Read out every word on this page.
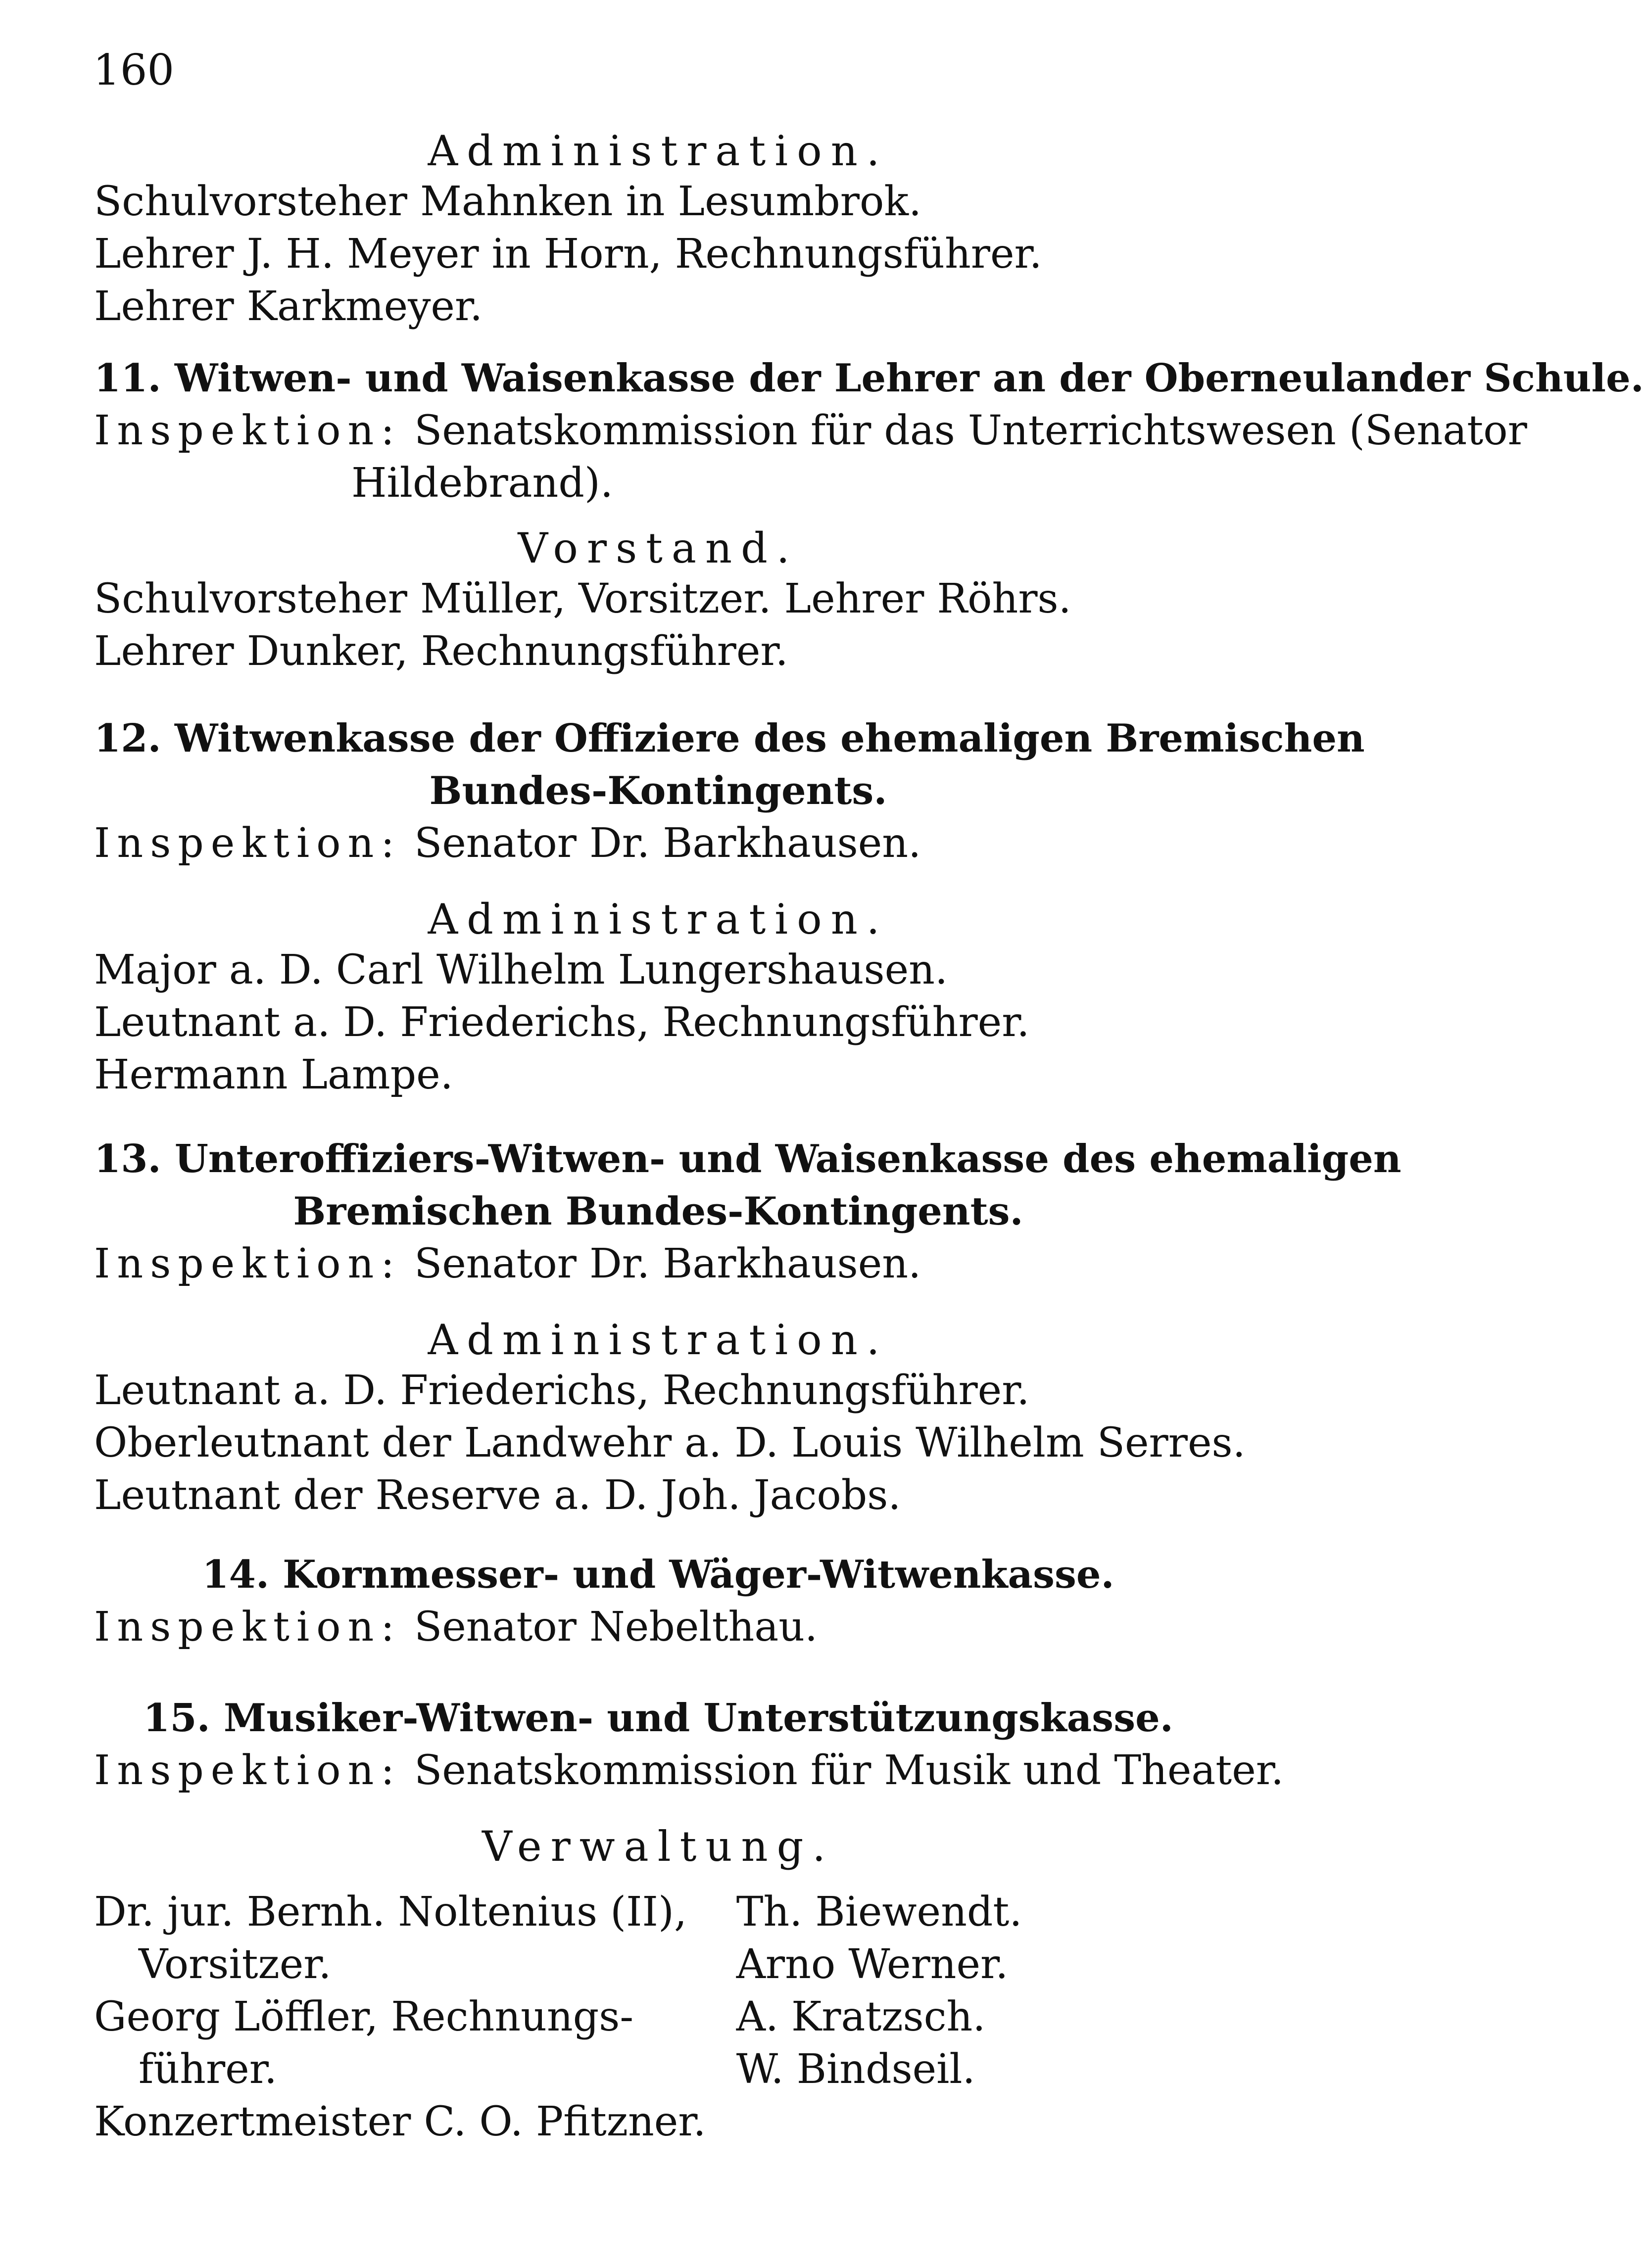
160
Administration.
Schulvorsteher Mahnken in Lesumbrok.
Lehrer J. H. Meyer in Horn, Rechnungsführer.
Lehrer Karkmeyer.
11. Witwen- und Waisenkasse der Lehrer an der Oberneulander Schule.
Inspektion: Senatskommission für das Unterrichtswesen (Senator
Hildebrand).
Vorstand.
Schulvorsteher Müller, Vorsitzer. Lehrer Röhrs.
Lehrer Dunker, Rechnungsführer.
12. Witwenkasse der Offiziere des ehemaligen Bremischen
Bundes-Kontingents.
Inspektion: Senator Dr. Barkhausen.
Administration.
Major a. D. Carl Wilhelm Lungershausen.
Leutnant a. D. Friederichs, Rechnungsführer.
Hermann Lampe.
13. Unteroffiziers-Witwen- und Waisenkasse des ehemaligen
Bremischen Bundes-Kontingents.
Inspektion: Senator Dr. Barkhausen.
Administration.
Leutnant a. D. Friederichs, Rechnungsführer.
Oberleutnant der Landwehr a. D. Louis Wilhelm Serres.
Leutnant der Reserve a. D. Joh. Jacobs.
14. Kornmesser- und Wäger-Witwenkasse.
Inspektion: Senator Nebelthau.
15. Musiker-Witwen- und Unterstützungskasse.
Inspektion: Senatskommission für Musik und Theater.
Verwaltung.
Dr. jur. Bernh. Noltenius (II),
Vorsitzer.
Georg Löffler, Rechnungs-
führer.
Konzertmeister C. O. Pfitzner.
Th. Biewendt.
Arno Werner.
A. Kratzsch.
W. Bindseil.
